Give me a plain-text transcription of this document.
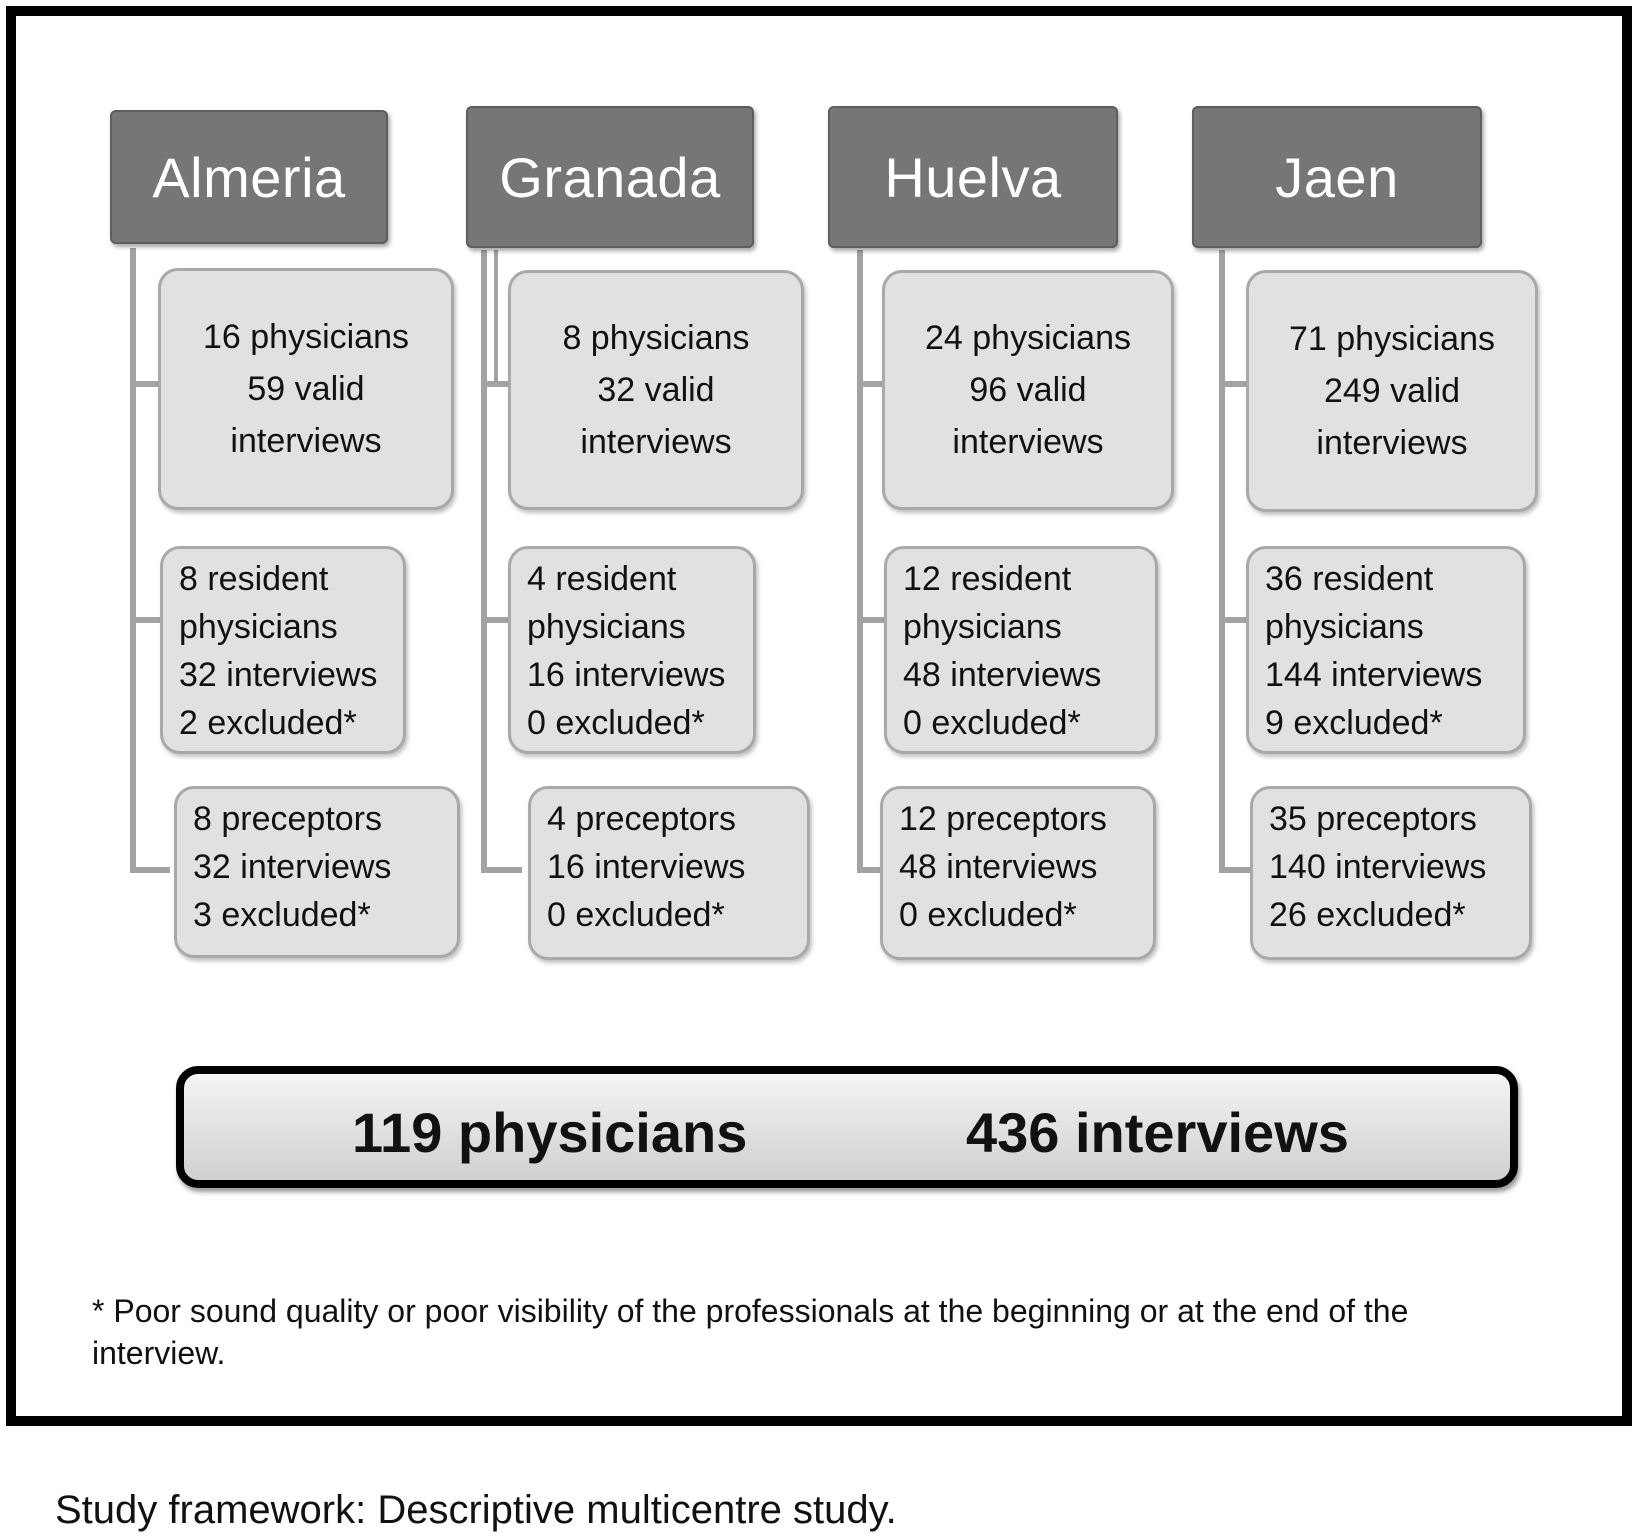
Almeria
16 physicians
59 valid
interviews
8 resident
physicians
32 interviews
2 excluded*
8 preceptors
32 interviews
3 excluded*
Granada
8 physicians
32 valid
interviews
4 resident
physicians
16 interviews
0 excluded*
4 preceptors
16 interviews
0 excluded*
Huelva
24 physicians
96 valid
interviews
12 resident
physicians
48 interviews
0 excluded*
12 preceptors
48 interviews
0 excluded*
Jaen
71 physicians
249 valid
interviews
36 resident
physicians
144 interviews
9 excluded*
35 preceptors
140 interviews
26 excluded*
119 physicians	436 interviews
* Poor sound quality or poor visibility of the professionals at the beginning or at the end of the interview.
Study framework: Descriptive multicentre study.
